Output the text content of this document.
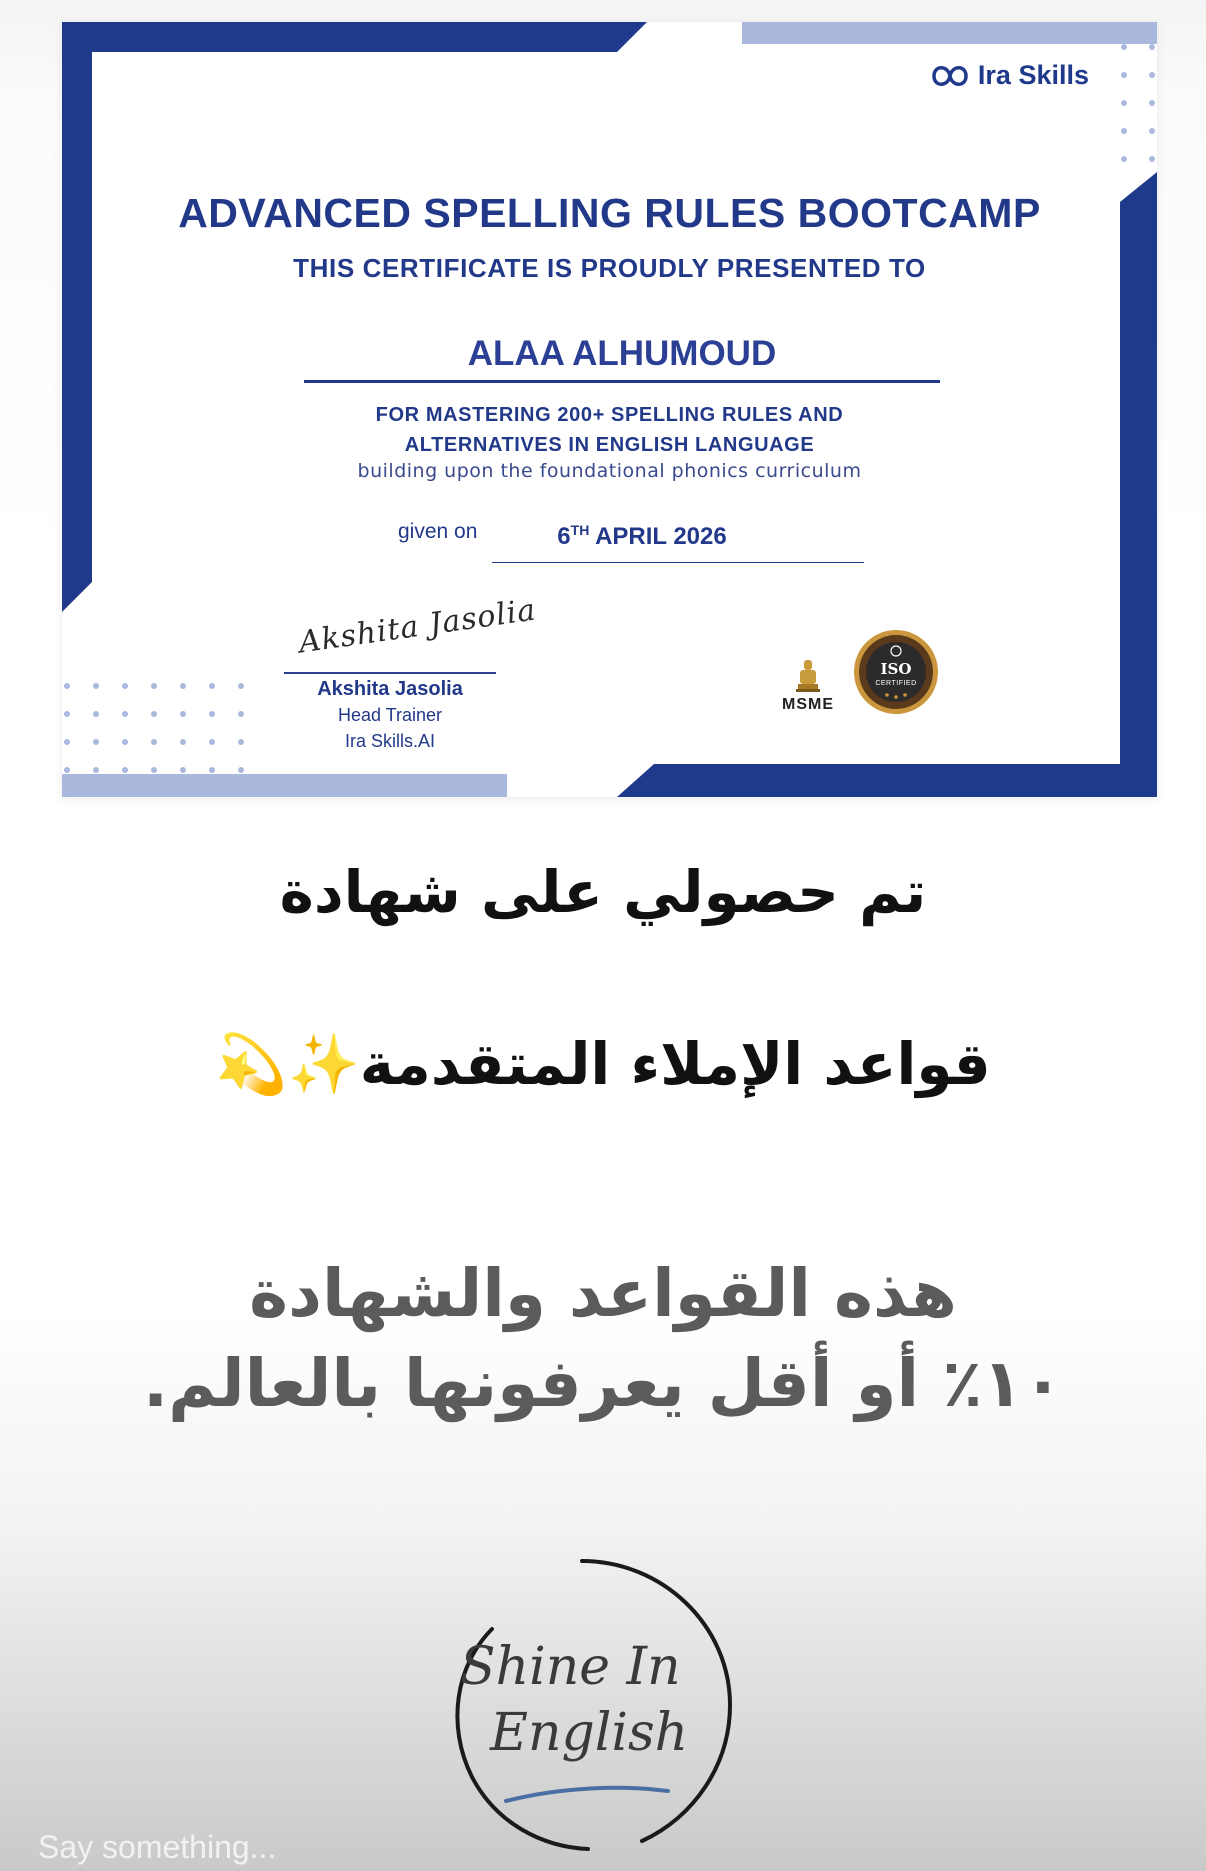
Ira Skills
ADVANCED SPELLING RULES BOOTCAMP
THIS CERTIFICATE IS PROUDLY PRESENTED TO
ALAA ALHUMOUD
FOR MASTERING 200+ SPELLING RULES AND
ALTERNATIVES IN ENGLISH LANGUAGE
building upon the foundational phonics curriculum
given on	6TH APRIL 2026
Akshita Jasolia
Akshita Jasolia
Head Trainer
Ira Skills.AI
MSME
ISO
CERTIFIED
تم حصولي على شهادة
قواعد الإملاء المتقدمة✨💫
هذه القواعد والشهادة
١٠٪ أو أقل يعرفونها بالعالم.
Shine In
English
Say something...
